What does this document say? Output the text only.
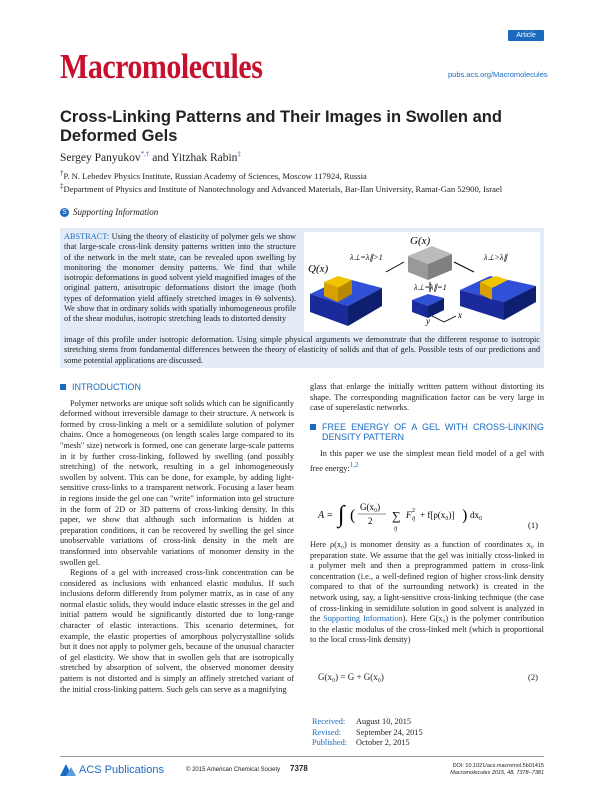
Article
Macromolecules	pubs.acs.org/Macromolecules
Cross-Linking Patterns and Their Images in Swollen and Deformed Gels
Sergey Panyukov*,† and Yitzhak Rabin‡
†P. N. Lebedev Physics Institute, Russian Academy of Sciences, Moscow 117924, Russia
‡Department of Physics and Institute of Nanotechnology and Advanced Materials, Bar-Ilan University, Ramat-Gan 52900, Israel
S Supporting Information
ABSTRACT: Using the theory of elasticity of polymer gels we show that large-scale cross-link density patterns written into the structure of the network in the melt state, can be revealed upon swelling by monitoring the monomer density patterns. We find that while isotropic deformations in good solvent yield magnified images of the original pattern, anisotropic deformations distort the image (both types of deformation yield affinely stretched images in Θ solvents). We show that in ordinary solids with spatially inhomogeneous profile of the shear modulus, isotropic stretching leads to distorted density
image of this profile under isotropic deformation. Using simple physical arguments we demonstrate that the different response to isotropic stretching stems from fundamental differences between the theory of elasticity of solids and that of gels. Possible tests of our predictions and some potential applications are discussed.
G(x)
Q(x)
λ⊥=λ∥>1
λ⊥=λ∥=1
λ⊥>λ∥
y
x
INTRODUCTION

Polymer networks are unique soft solids which can be significantly deformed without irreversible damage to their structure. A network is formed by cross-linking a melt or a semidilute solution of polymer chains. Once a homogeneous (on length scales large compared to its "mesh" size) network is formed, one can generate large-scale patterns in it by further cross-linking, followed by swelling (and possibly stretching) of the network, resulting in a gel inhomogeneously swollen by solvent. This can be done, for example, by adding light-sensitive cross-links to a transparent network. Focusing a laser beam in regions inside the gel one can "write" information into gel structure in the form of 2D or 3D patterns of cross-linking density. In this paper, we show that although such information is hidden at preparation conditions, it can be recovered by swelling the gel since unobservable variations of cross-link density in the melt are transformed into observable variations of monomer density in the swollen gel.

Regions of a gel with increased cross-link concentration can be considered as inclusions with enhanced elastic modulus. If such inclusions deform differently from polymer matrix, as in case of any normal elastic solids, they would induce elastic stresses in the gel and initial pattern would be significantly distorted due to long-range character of elastic interactions. This scenario determines, for example, the elastic properties of amorphous polycrystalline solids but it does not apply to polymer gels, because of the unusual character of gel elasticity. We show that in swollen gels that are isotropically stretched by absorption of solvent, the observed monomer density pattern is not distorted and is simply an affinely stretched variant of the initial cross-linking pattern. Such gels can serve as a magnifying

glass that enlarge the initially written pattern without distorting its shape. The corresponding magnification factor can be very large in case of superelastic networks.

FREE ENERGY OF A GEL WITH CROSS-LINKING DENSITY PATTERN

In this paper we use the simplest mean field model of a gel with free energy:$^{1,2}$

A = ∫ ( G(x₀)
2 ∑
ij
F ij
2 + f[ρ(x₀)] ) dx₀
(1)

Here ρ(x₀) is monomer density as a function of coordinates x₀ in preparation state. We assume that the gel was initially cross-linked in a polymer melt and then a preprogrammed pattern in cross-link concentration (i.e., a well-defined region of higher cross-link density compared to that of the surrounding network) is created in the network using, say, a light-sensitive cross-linking technique (the case of cross-linking in semidilute solution in good solvent is analyzed in the Supporting Information). Here G(x₀) is the polymer contribution to the elastic modulus of the cross-linked melt (which is proportional to the local cross-link density)

G(x₀) = G + G(x₀)	(2)
Received: August 10, 2015
Revised: September 24, 2015
Published: October 2, 2015
ACS Publications	© 2015 American Chemical Society 7378	DOI: 10.1021/acs.macromol.5b01415
Macromolecules 2015, 48, 7378−7381
